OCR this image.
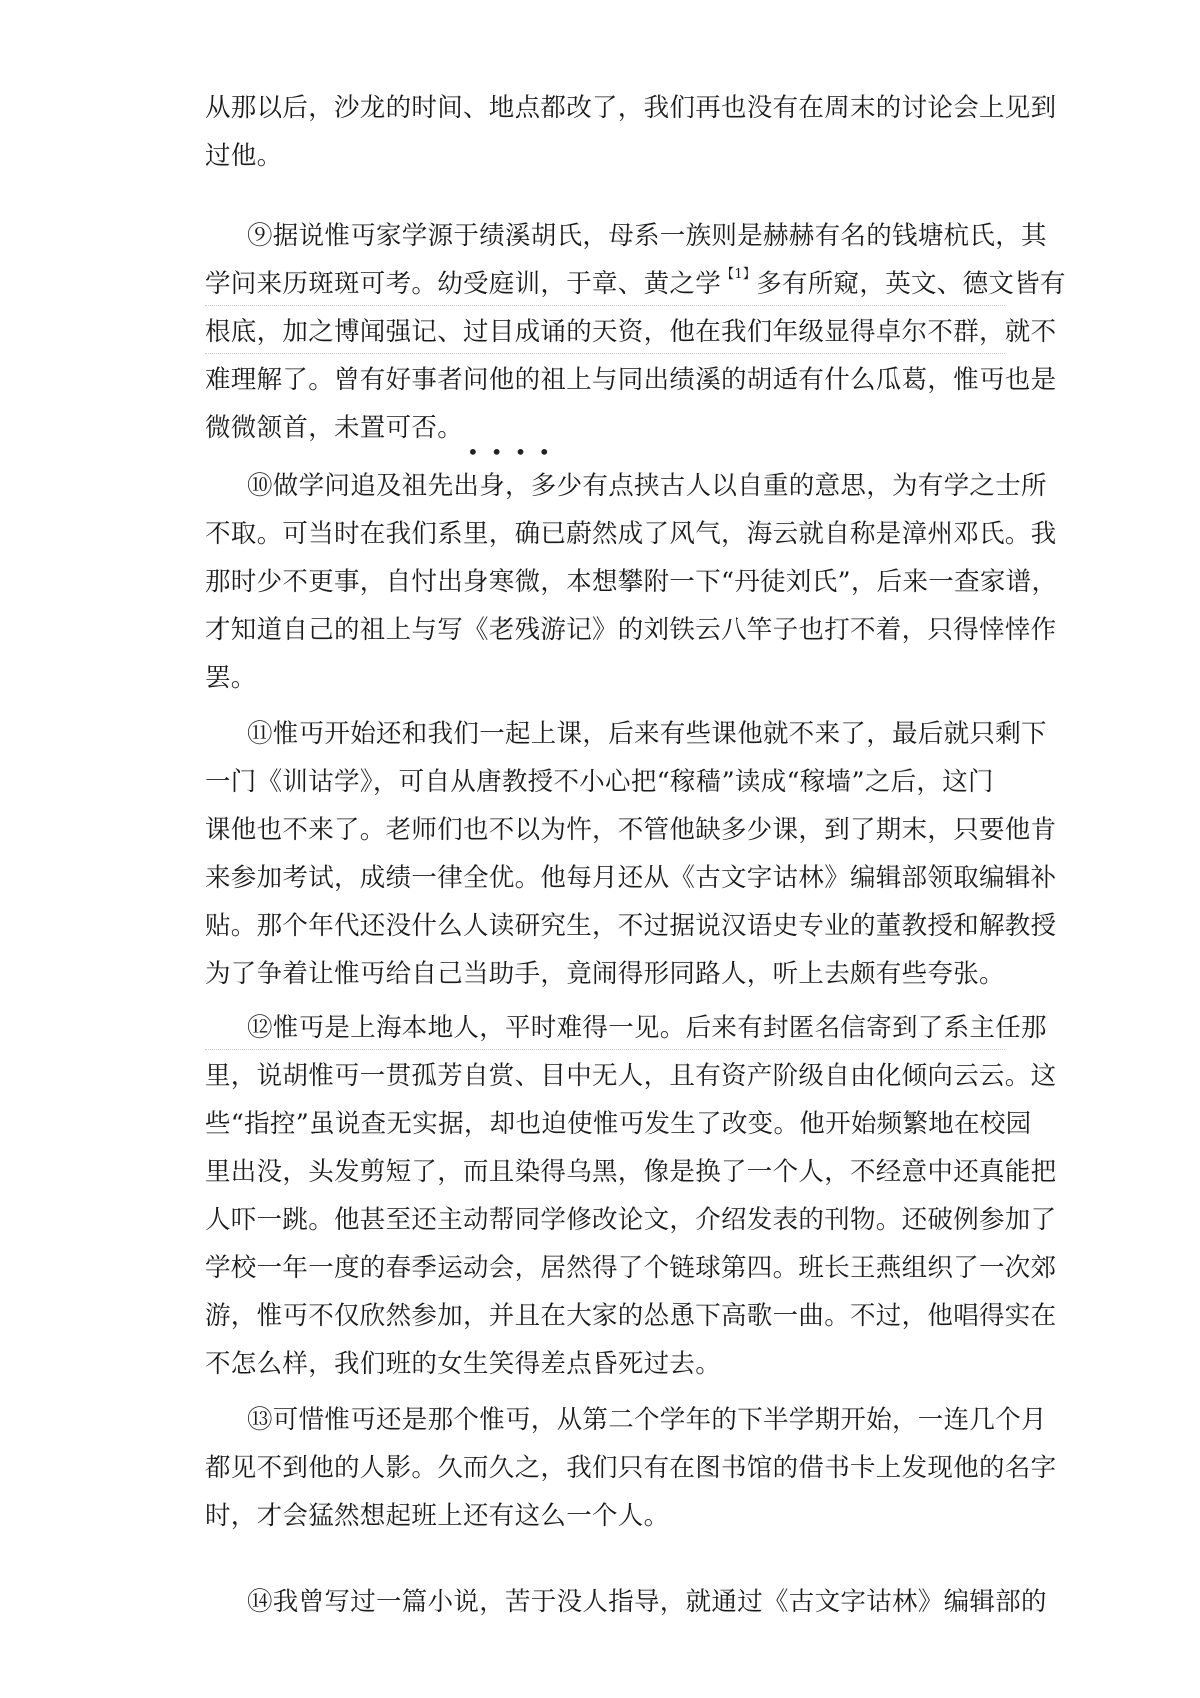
从那以后，沙龙的时间、地点都改了，我们再也没有在周末的讨论会上见到
过他。
⑨据说惟丏家学源于绩溪胡氏，母系一族则是赫赫有名的钱塘杭氏，其
学问来历斑斑可考。幼受庭训，于章、黄之学$^{【1】}$多有所窥，英文、德文皆有
根底，加之博闻强记、过目成诵的天资，他在我们年级显得卓尔不群，就不
难理解了。曾有好事者问他的祖上与同出绩溪的胡适有什么瓜葛，惟丏也是
微微颔首，未置可否。
••••
⑩做学问追及祖先出身，多少有点挟古人以自重的意思，为有学之士所
不取。可当时在我们系里，确已蔚然成了风气，海云就自称是漳州邓氏。我
那时少不更事，自忖出身寒微，本想攀附一下“丹徒刘氏”，后来一查家谱，
才知道自己的祖上与写《老残游记》的刘铁云八竿子也打不着，只得悻悻作
罢。
⑪惟丏开始还和我们一起上课，后来有些课他就不来了，最后就只剩下
一门《训诂学》，可自从唐教授不小心把“稼穑”读成“稼墙”之后，这门
课他也不来了。老师们也不以为忤，不管他缺多少课，到了期末，只要他肯
来参加考试，成绩一律全优。他每月还从《古文字诂林》编辑部领取编辑补
贴。那个年代还没什么人读研究生，不过据说汉语史专业的董教授和解教授
为了争着让惟丏给自己当助手，竟闹得形同路人，听上去颇有些夸张。
⑫惟丏是上海本地人，平时难得一见。后来有封匿名信寄到了系主任那
里，说胡惟丏一贯孤芳自赏、目中无人，且有资产阶级自由化倾向云云。这
些“指控”虽说查无实据，却也迫使惟丏发生了改变。他开始频繁地在校园
里出没，头发剪短了，而且染得乌黑，像是换了一个人，不经意中还真能把
人吓一跳。他甚至还主动帮同学修改论文，介绍发表的刊物。还破例参加了
学校一年一度的春季运动会，居然得了个链球第四。班长王燕组织了一次郊
游，惟丏不仅欣然参加，并且在大家的怂恿下高歌一曲。不过，他唱得实在
不怎么样，我们班的女生笑得差点昏死过去。
⑬可惜惟丏还是那个惟丏，从第二个学年的下半学期开始，一连几个月
都见不到他的人影。久而久之，我们只有在图书馆的借书卡上发现他的名字
时，才会猛然想起班上还有这么一个人。
⑭我曾写过一篇小说，苦于没人指导，就通过《古文字诂林》编辑部的
